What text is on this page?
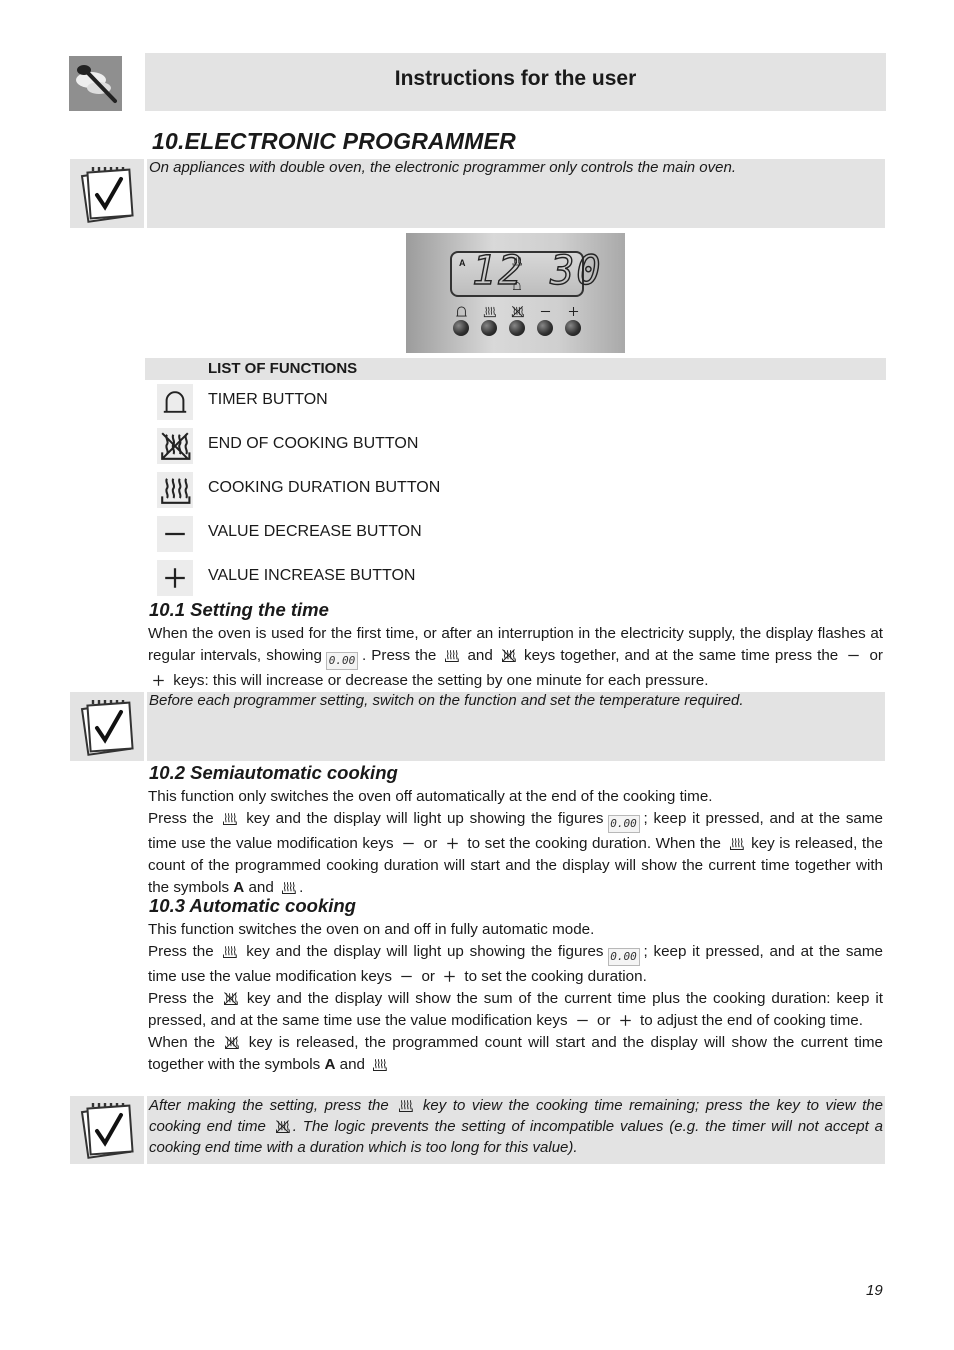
Instructions for the user
10.ELECTRONIC PROGRAMMER
On appliances with double oven, the electronic programmer only controls the main oven.
A 12 30
LIST OF FUNCTIONS
TIMER BUTTON
END OF COOKING BUTTON
COOKING DURATION BUTTON
VALUE DECREASE BUTTON
VALUE INCREASE BUTTON
10.1 Setting the time

When the oven is used for the first time, or after an interruption in the electricity supply, the display flashes at regular intervals, showing 0.00 . Press the and keys together, and at the same time press the or  keys: this will increase or decrease the setting by one minute for each pressure.

Before each programmer setting, switch on the function and set the temperature required.
10.2 Semiautomatic cooking

This function only switches the oven off automatically at the end of the cooking time.

Press the key and the display will light up showing the figures 0.00 ; keep it pressed, and at the same time use the value modification keys or to set the cooking duration. When the key is released, the count of the programmed cooking duration will start and the display will show the current time together with the symbols A and .

10.3 Automatic cooking

This function switches the oven on and off in fully automatic mode.

Press the key and the display will light up showing the figures 0.00 ; keep it pressed, and at the same time use the value modification keys or to set the cooking duration.

Press the key and the display will show the sum of the current time plus the cooking duration: keep it pressed, and at the same time use the value modification keys or to adjust the end of cooking time.

When the key is released, the programmed count will start and the display will show the current time together with the symbols A and

After making the setting, press the key to view the cooking time remaining; press the key to view the cooking end time . The logic prevents the setting of incompatible values (e.g. the timer will not accept a cooking end time with a duration which is too long for this value).
19
